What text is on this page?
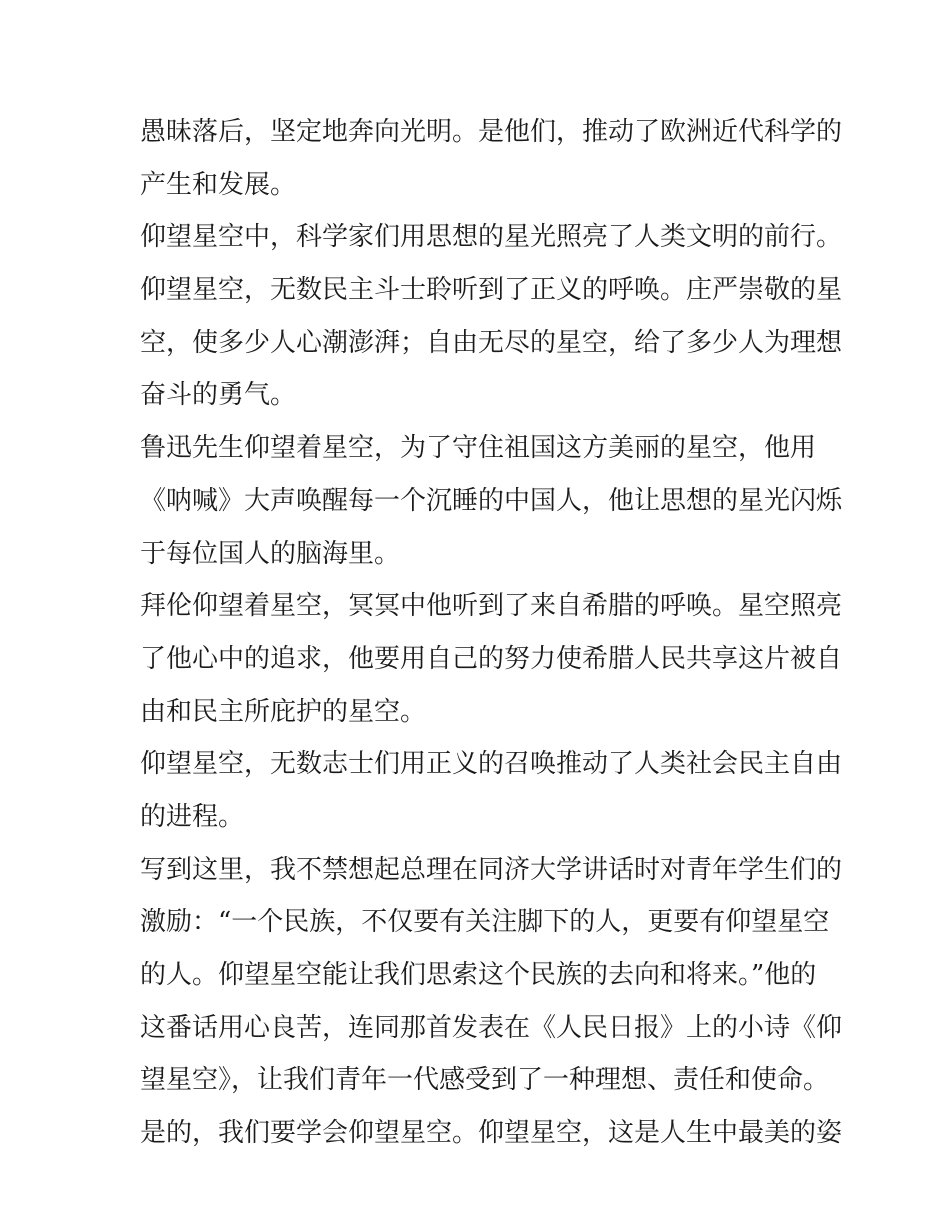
愚昧落后，坚定地奔向光明。是他们，推动了欧洲近代科学的
产生和发展。
仰望星空中，科学家们用思想的星光照亮了人类文明的前行。
仰望星空，无数民主斗士聆听到了正义的呼唤。庄严崇敬的星
空，使多少人心潮澎湃；自由无尽的星空，给了多少人为理想
奋斗的勇气。
鲁迅先生仰望着星空，为了守住祖国这方美丽的星空，他用
《呐喊》大声唤醒每一个沉睡的中国人，他让思想的星光闪烁
于每位国人的脑海里。
拜伦仰望着星空，冥冥中他听到了来自希腊的呼唤。星空照亮
了他心中的追求，他要用自己的努力使希腊人民共享这片被自
由和民主所庇护的星空。
仰望星空，无数志士们用正义的召唤推动了人类社会民主自由
的进程。
写到这里，我不禁想起总理在同济大学讲话时对青年学生们的
激励：“一个民族，不仅要有关注脚下的人，更要有仰望星空
的人。仰望星空能让我们思索这个民族的去向和将来。”他的
这番话用心良苦，连同那首发表在《人民日报》上的小诗《仰
望星空》，让我们青年一代感受到了一种理想、责任和使命。
是的，我们要学会仰望星空。仰望星空，这是人生中最美的姿
